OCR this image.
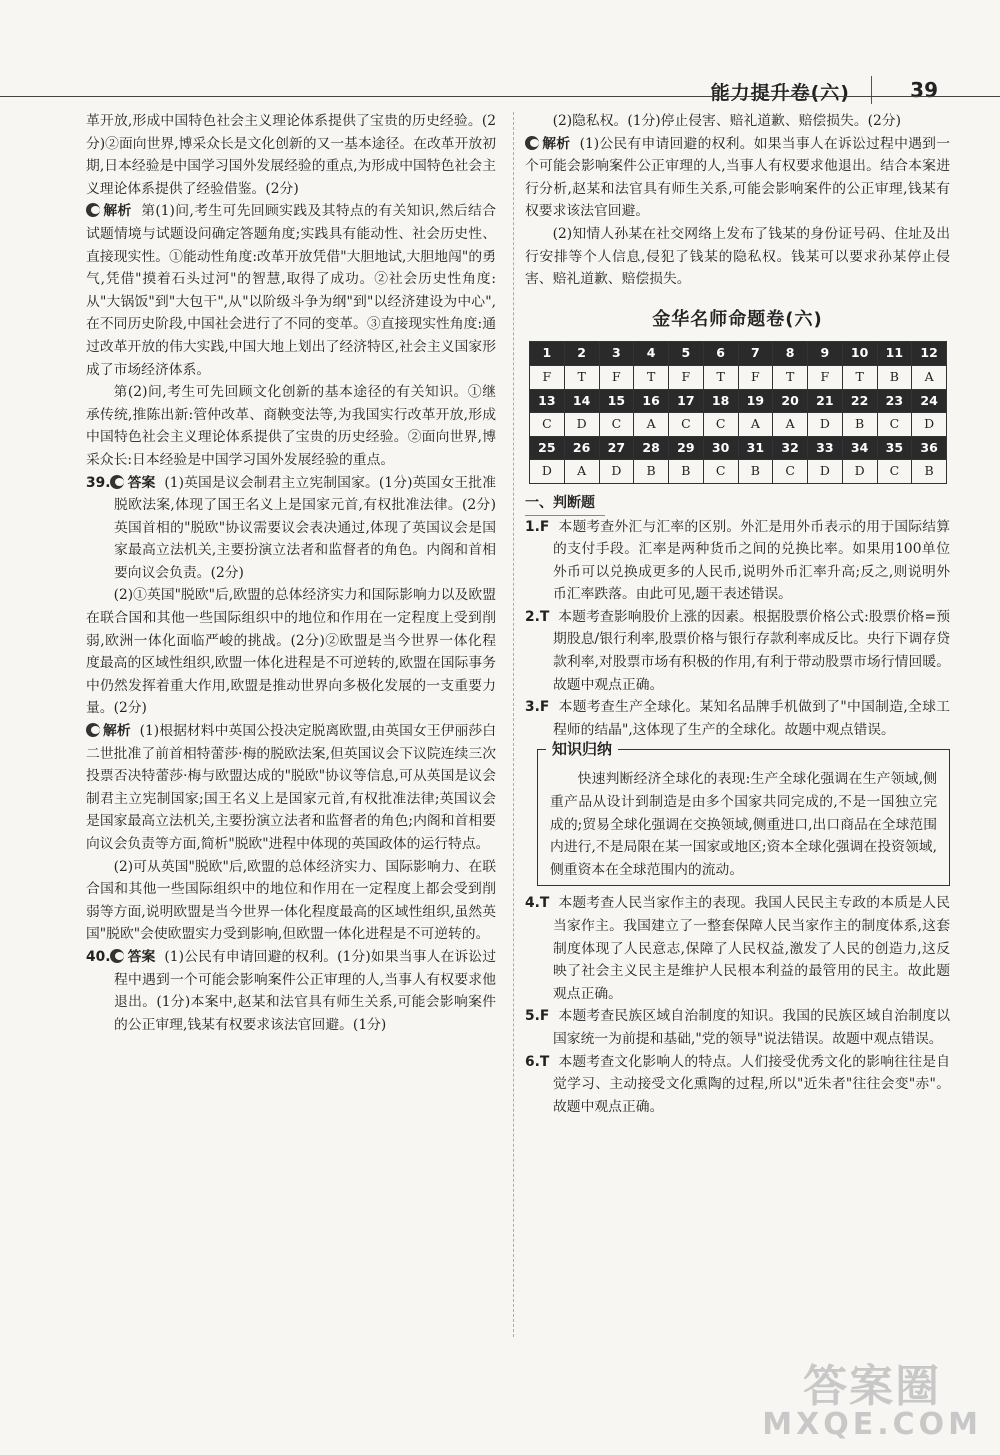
能力提升卷(六)	39

革开放,形成中国特色社会主义理论体系提供了宝贵的历史经验。(2分)②面向世界,博采众长是文化创新的又一基本途径。在改革开放初期,日本经验是中国学习国外发展经验的重点,为形成中国特色社会主义理论体系提供了经验借鉴。(2分)

解析 第(1)问,考生可先回顾实践及其特点的有关知识,然后结合试题情境与试题设问确定答题角度;实践具有能动性、社会历史性、直接现实性。①能动性角度:改革开放凭借"大胆地试,大胆地闯"的勇气,凭借"摸着石头过河"的智慧,取得了成功。②社会历史性角度:从"大锅饭"到"大包干",从"以阶级斗争为纲"到"以经济建设为中心",在不同历史阶段,中国社会进行了不同的变革。③直接现实性角度:通过改革开放的伟大实践,中国大地上划出了经济特区,社会主义国家形成了市场经济体系。

第(2)问,考生可先回顾文化创新的基本途径的有关知识。①继承传统,推陈出新:管仲改革、商鞅变法等,为我国实行改革开放,形成中国特色社会主义理论体系提供了宝贵的历史经验。②面向世界,博采众长:日本经验是中国学习国外发展经验的重点。

39. 答案 (1)英国是议会制君主立宪制国家。(1分)英国女王批准脱欧法案,体现了国王名义上是国家元首,有权批准法律。(2分)英国首相的"脱欧"协议需要议会表决通过,体现了英国议会是国家最高立法机关,主要扮演立法者和监督者的角色。内阁和首相要向议会负责。(2分)

(2)①英国"脱欧"后,欧盟的总体经济实力和国际影响力以及欧盟在联合国和其他一些国际组织中的地位和作用在一定程度上受到削弱,欧洲一体化面临严峻的挑战。(2分)②欧盟是当今世界一体化程度最高的区域性组织,欧盟一体化进程是不可逆转的,欧盟在国际事务中仍然发挥着重大作用,欧盟是推动世界向多极化发展的一支重要力量。(2分)

解析 (1)根据材料中英国公投决定脱离欧盟,由英国女王伊丽莎白二世批准了前首相特蕾莎·梅的脱欧法案,但英国议会下议院连续三次投票否决特蕾莎·梅与欧盟达成的"脱欧"协议等信息,可从英国是议会制君主立宪制国家;国王名义上是国家元首,有权批准法律;英国议会是国家最高立法机关,主要扮演立法者和监督者的角色;内阁和首相要向议会负责等方面,简析"脱欧"进程中体现的英国政体的运行特点。

(2)可从英国"脱欧"后,欧盟的总体经济实力、国际影响力、在联合国和其他一些国际组织中的地位和作用在一定程度上都会受到削弱等方面,说明欧盟是当今世界一体化程度最高的区域性组织,虽然英国"脱欧"会使欧盟实力受到影响,但欧盟一体化进程是不可逆转的。

40. 答案 (1)公民有申请回避的权利。(1分)如果当事人在诉讼过程中遇到一个可能会影响案件公正审理的人,当事人有权要求他退出。(1分)本案中,赵某和法官具有师生关系,可能会影响案件的公正审理,钱某有权要求该法官回避。(1分)

(2)隐私权。(1分)停止侵害、赔礼道歉、赔偿损失。(2分)

解析 (1)公民有申请回避的权利。如果当事人在诉讼过程中遇到一个可能会影响案件公正审理的人,当事人有权要求他退出。结合本案进行分析,赵某和法官具有师生关系,可能会影响案件的公正审理,钱某有权要求该法官回避。

(2)知情人孙某在社交网络上发布了钱某的身份证号码、住址及出行安排等个人信息,侵犯了钱某的隐私权。钱某可以要求孙某停止侵害、赔礼道歉、赔偿损失。

金华名师命题卷(六)
1	2	3	4	5	6	7	8	9	10	11	12
F	T	F	T	F	T	F	T	F	T	B	A
13	14	15	16	17	18	19	20	21	22	23	24
C	D	C	A	C	C	A	A	D	B	C	D
25	26	27	28	29	30	31	32	33	34	35	36
D	A	D	B	B	C	B	C	D	D	C	B
一、判断题

1.F 本题考查外汇与汇率的区别。外汇是用外币表示的用于国际结算的支付手段。汇率是两种货币之间的兑换比率。如果用100单位外币可以兑换成更多的人民币,说明外币汇率升高;反之,则说明外币汇率跌落。由此可见,题干表述错误。

2.T 本题考查影响股价上涨的因素。根据股票价格公式:股票价格=预期股息/银行利率,股票价格与银行存款利率成反比。央行下调存贷款利率,对股票市场有积极的作用,有利于带动股票市场行情回暖。故题中观点正确。

3.F 本题考查生产全球化。某知名品牌手机做到了"中国制造,全球工程师的结晶",这体现了生产的全球化。故题中观点错误。

知识归纳

快速判断经济全球化的表现:生产全球化强调在生产领域,侧重产品从设计到制造是由多个国家共同完成的,不是一国独立完成的;贸易全球化强调在交换领域,侧重进口,出口商品在全球范围内进行,不是局限在某一国家或地区;资本全球化强调在投资领域,侧重资本在全球范围内的流动。

4.T 本题考查人民当家作主的表现。我国人民民主专政的本质是人民当家作主。我国建立了一整套保障人民当家作主的制度体系,这套制度体现了人民意志,保障了人民权益,激发了人民的创造力,这反映了社会主义民主是维护人民根本利益的最管用的民主。故此题观点正确。

5.F 本题考查民族区域自治制度的知识。我国的民族区域自治制度以国家统一为前提和基础,"党的领导"说法错误。故题中观点错误。

6.T 本题考查文化影响人的特点。人们接受优秀文化的影响往往是自觉学习、主动接受文化熏陶的过程,所以"近朱者"往往会变"赤"。故题中观点正确。

答案圈
MXQE.COM
